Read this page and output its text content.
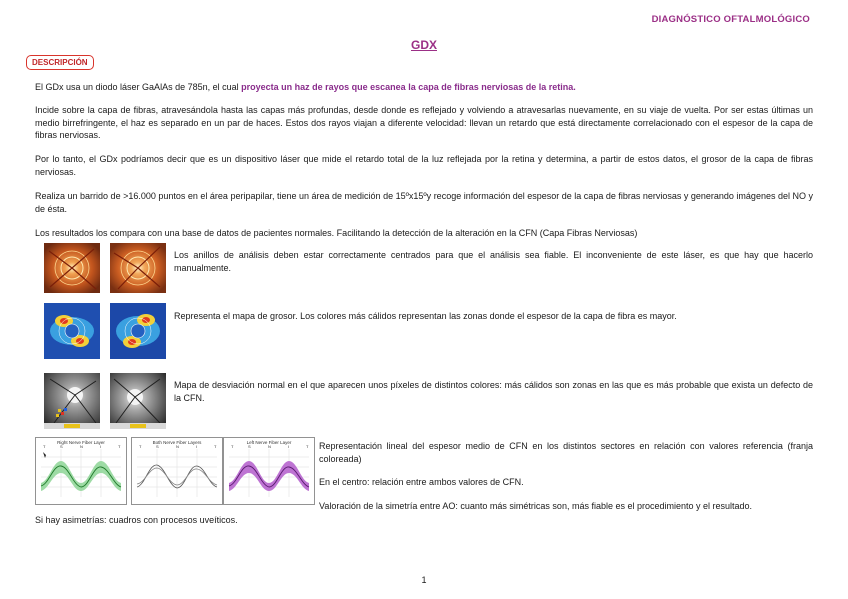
DIAGNÓSTICO OFTALMOLÓGICO
GDX
DESCRIPCIÓN
El GDx usa un diodo láser GaAlAs de 785n, el cual proyecta un haz de rayos que escanea la capa de fibras nerviosas de la retina.
Incide sobre la capa de fibras, atravesándola hasta las capas más profundas, desde donde es reflejado y volviendo a atravesarlas nuevamente, en su viaje de vuelta. Por ser estas últimas un medio birrefringente, el haz es separado en un par de haces. Estos dos rayos viajan a diferente velocidad: llevan un retardo que está directamente correlacionado con el espesor de la capa de fibras nerviosas.
Por lo tanto, el GDx podríamos decir que es un dispositivo láser que mide el retardo total de la luz reflejada por la retina y determina, a partir de estos datos, el grosor de la capa de fibras nerviosas.
Realiza un barrido de >16.000 puntos en el área peripapilar, tiene un área de medición de 15ºx15ºy recoge información del espesor de la capa de fibras nerviosas y generando imágenes del NO y de ésta.
Los resultados los compara con una base de datos de pacientes normales. Facilitando la detección de la alteración en la CFN (Capa Fibras Nerviosas)
Los anillos de análisis deben estar correctamente centrados para que el análisis sea fiable. El inconveniente de este láser, es que hay que hacerlo manualmente.
Representa el mapa de grosor. Los colores más cálidos representan las zonas donde el espesor de la capa de fibra es mayor.
Mapa de desviación normal en el que aparecen unos píxeles de distintos colores: más cálidos son zonas en las que es más probable que exista un defecto de la CFN.
Right Nerve Fiber Layer
T	S	N	I	T
Both Nerve Fiber Layers
T	S	N	I	T
Left Nerve Fiber Layer
T	S	N	I	T Representación lineal del espesor medio de CFN en los distintos sectores en relación con valores referencia (franja coloreada)
En el centro: relación entre ambos valores de CFN.
Valoración de la simetría entre AO: cuanto más simétricas son, más fiable es el procedimiento y el resultado.
Si hay asimetrías: cuadros con procesos uveíticos.
1
